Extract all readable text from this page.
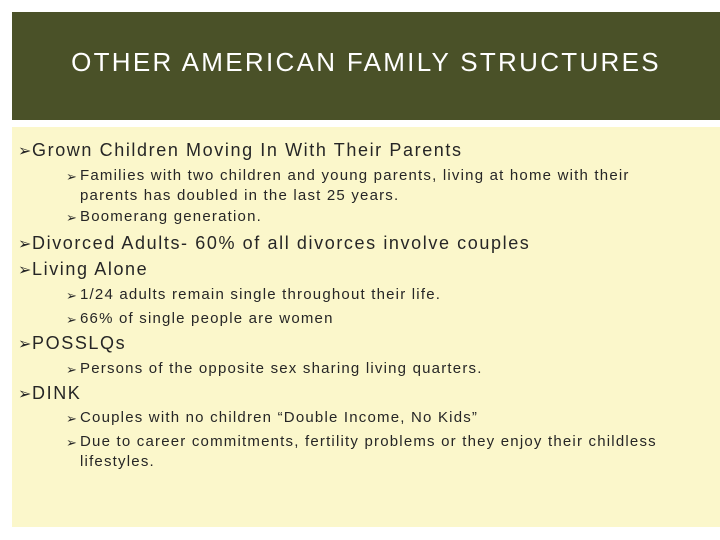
OTHER AMERICAN FAMILY STRUCTURES
➢
Grown Children Moving In With Their Parents
➢ Families with two children and young parents, living at home with their parents has doubled in the last 25 years.
➢ Boomerang generation.
➢
Divorced Adults- 60% of all divorces involve couples
➢
Living Alone
➢ 1/24 adults remain single throughout their life.
➢ 66% of single people are women
➢
POSSLQs
➢ Persons of the opposite sex sharing living quarters.
➢
DINK
➢ Couples with no children “Double Income, No Kids”
➢ Due to career commitments, fertility problems or they enjoy their childless lifestyles.
